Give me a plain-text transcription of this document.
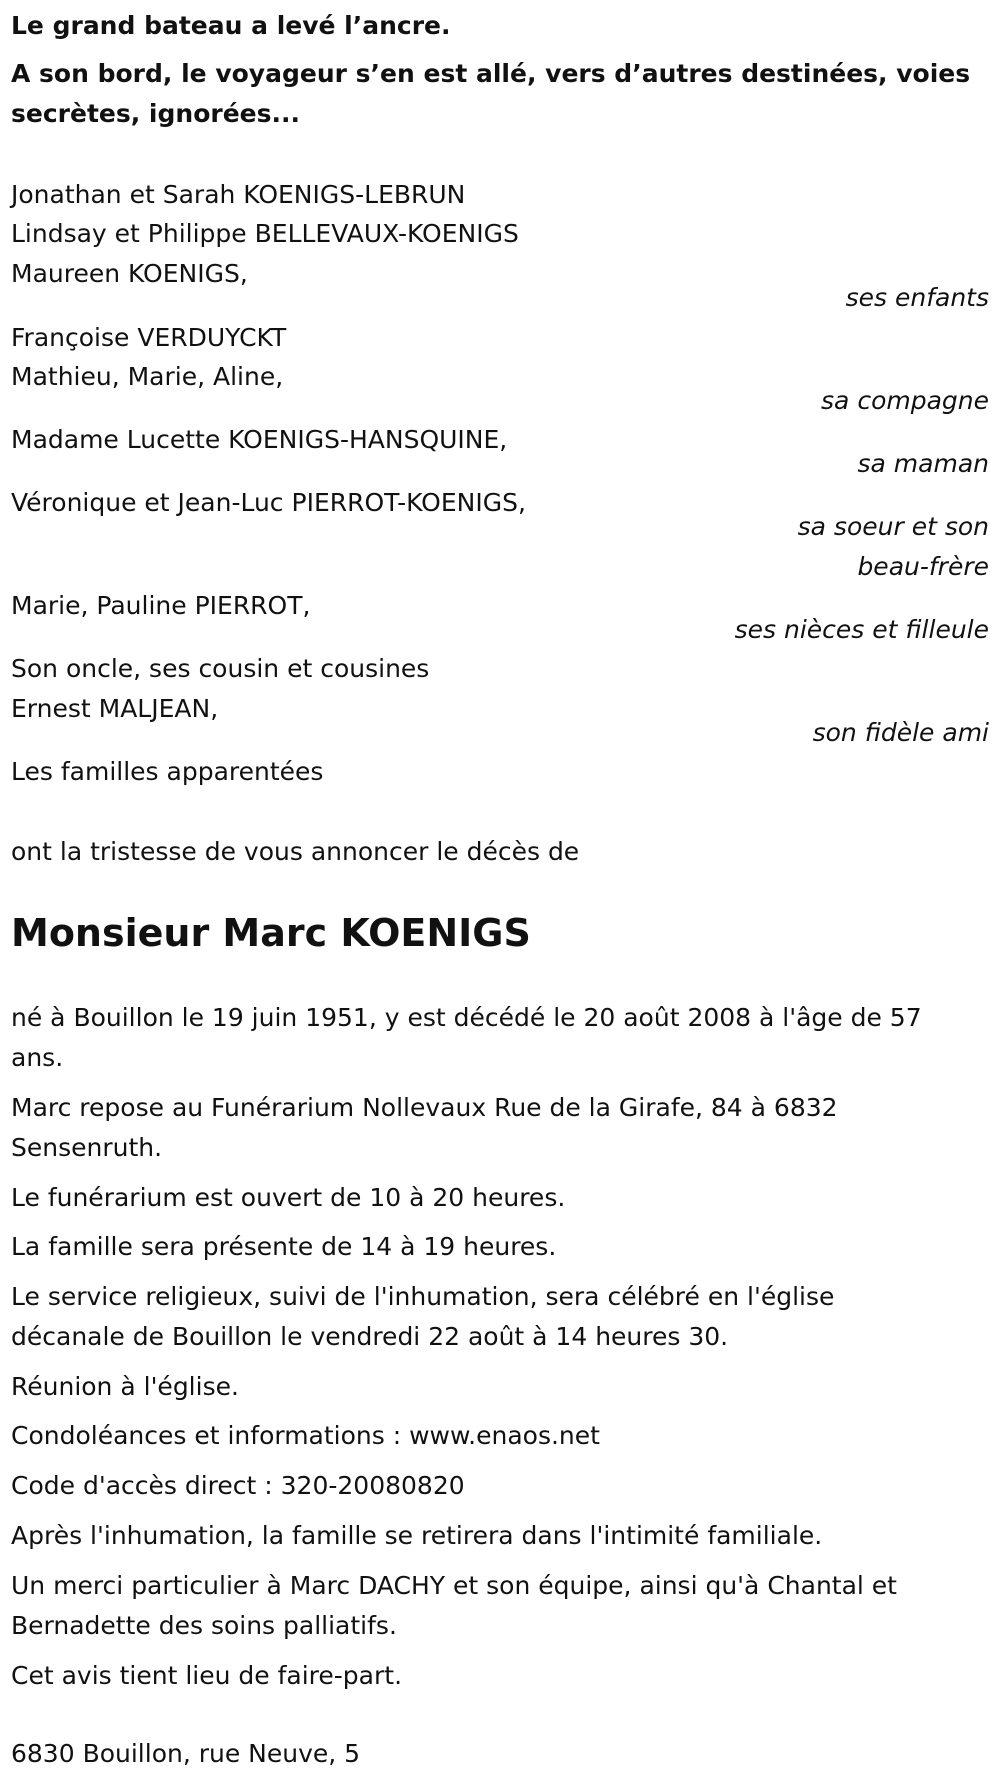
Le grand bateau a levé l’ancre.

A son bord, le voyageur s’en est allé, vers d’autres destinées, voies

secrètes, ignorées...

Jonathan et Sarah KOENIGS-LEBRUN

Lindsay et Philippe BELLEVAUX-KOENIGS

Maureen KOENIGS,

ses enfants

Françoise VERDUYCKT

Mathieu, Marie, Aline,

sa compagne

Madame Lucette KOENIGS-HANSQUINE,

sa maman

Véronique et Jean-Luc PIERROT-KOENIGS,

sa soeur et son

beau-frère

Marie, Pauline PIERROT,

ses nièces et filleule

Son oncle, ses cousin et cousines

Ernest MALJEAN,

son fidèle ami

Les familles apparentées

ont la tristesse de vous annoncer le décès de

Monsieur Marc KOENIGS

né à Bouillon le 19 juin 1951, y est décédé le 20 août 2008 à l'âge de 57

ans.

Marc repose au Funérarium Nollevaux Rue de la Girafe, 84 à 6832

Sensenruth.

Le funérarium est ouvert de 10 à 20 heures.

La famille sera présente de 14 à 19 heures.

Le service religieux, suivi de l'inhumation, sera célébré en l'église

décanale de Bouillon le vendredi 22 août à 14 heures 30.

Réunion à l'église.

Condoléances et informations : www.enaos.net

Code d'accès direct : 320-20080820

Après l'inhumation, la famille se retirera dans l'intimité familiale.

Un merci particulier à Marc DACHY et son équipe, ainsi qu'à Chantal et

Bernadette des soins palliatifs.

Cet avis tient lieu de faire-part.

6830 Bouillon, rue Neuve, 5
